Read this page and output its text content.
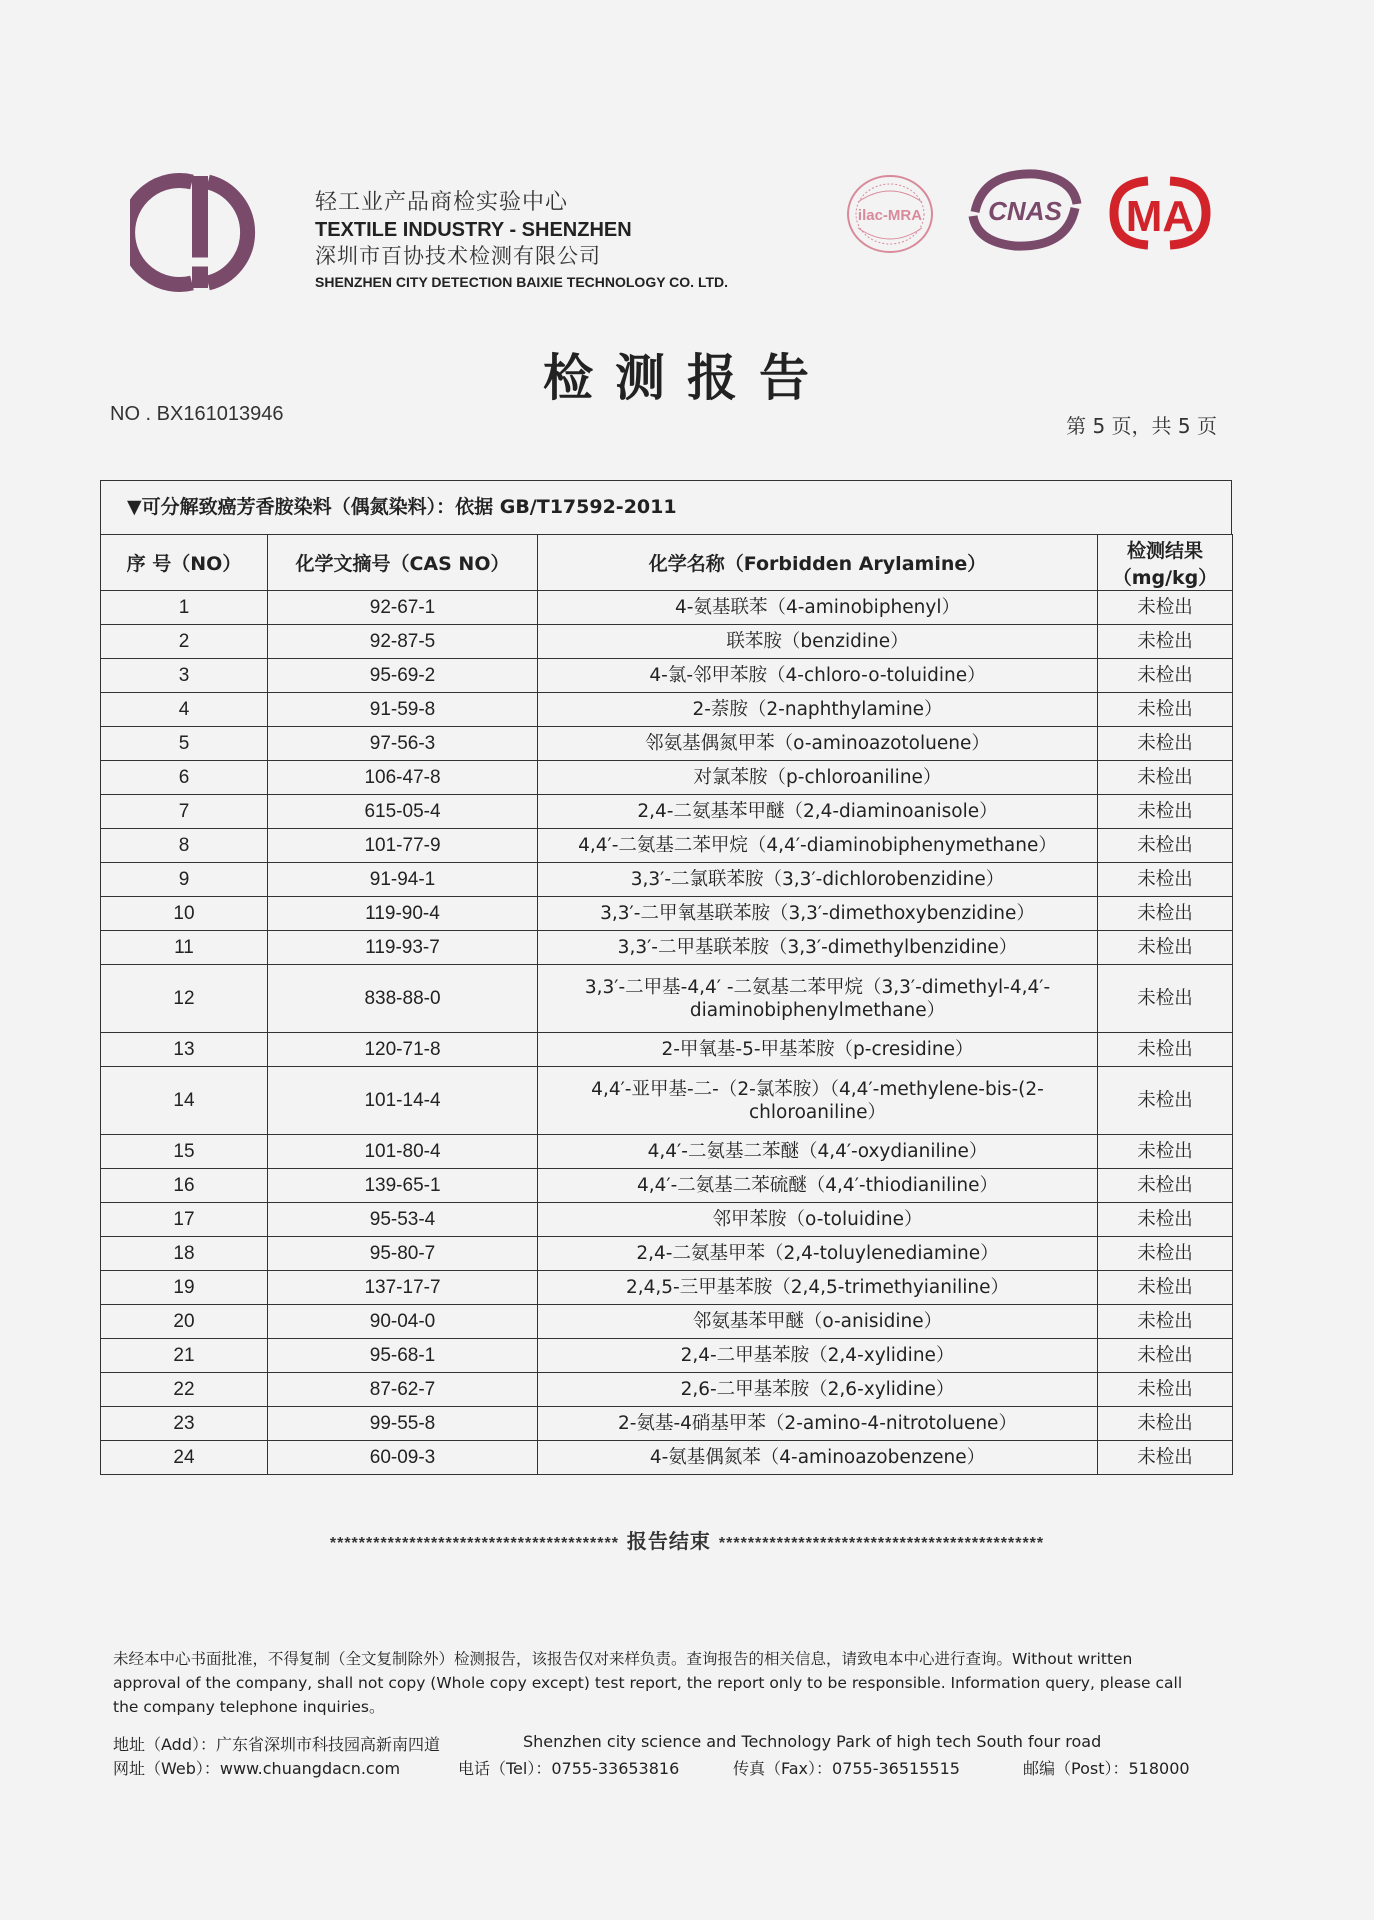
轻工业产品商检实验中心
TEXTILE INDUSTRY - SHENZHEN
深圳市百协技术检测有限公司
SHENZHEN CITY DETECTION BAIXIE TECHNOLOGY CO. LTD.
ilac-MRA	CNAS MA
检测报告
NO . BX161013946	第 5 页，共 5 页
▼可分解致癌芳香胺染料（偶氮染料）：依据 GB/T17592-2011
序 号（NO）	化学文摘号（CAS NO）	化学名称（Forbidden Arylamine）	检测结果
（mg/kg）

1	92-67-1	4-氨基联苯（4-aminobiphenyl）	未检出
2	92-87-5	联苯胺（benzidine）	未检出
3	95-69-2	4-氯-邻甲苯胺（4-chloro-o-toluidine）	未检出
4	91-59-8	2-萘胺（2-naphthylamine）	未检出
5	97-56-3	邻氨基偶氮甲苯（o-aminoazotoluene）	未检出
6	106-47-8	对氯苯胺（p-chloroaniline）	未检出
7	615-05-4	2,4-二氨基苯甲醚（2,4-diaminoanisole）	未检出
8	101-77-9	4,4′-二氨基二苯甲烷（4,4′-diaminobiphenymethane）	未检出
9	91-94-1	3,3′-二氯联苯胺（3,3′-dichlorobenzidine）	未检出
10	119-90-4	3,3′-二甲氧基联苯胺（3,3′-dimethoxybenzidine）	未检出
11	119-93-7	3,3′-二甲基联苯胺（3,3′-dimethylbenzidine）	未检出
12	838-88-0	3,3′-二甲基-4,4′ -二氨基二苯甲烷（3,3′-dimethyl-4,4′-diaminobiphenylmethane）	未检出
13	120-71-8	2-甲氧基-5-甲基苯胺（p-cresidine）	未检出
14	101-14-4	4,4′-亚甲基-二-（2-氯苯胺）（4,4′-methylene-bis-(2-chloroaniline）	未检出
15	101-80-4	4,4′-二氨基二苯醚（4,4′-oxydianiline）	未检出
16	139-65-1	4,4′-二氨基二苯硫醚（4,4′-thiodianiline）	未检出
17	95-53-4	邻甲苯胺（o-toluidine）	未检出
18	95-80-7	2,4-二氨基甲苯（2,4-toluylenediamine）	未检出
19	137-17-7	2,4,5-三甲基苯胺（2,4,5-trimethyianiline）	未检出
20	90-04-0	邻氨基苯甲醚（o-anisidine）	未检出
21	95-68-1	2,4-二甲基苯胺（2,4-xylidine）	未检出
22	87-62-7	2,6-二甲基苯胺（2,6-xylidine）	未检出
23	99-55-8	2-氨基-4硝基甲苯（2-amino-4-nitrotoluene）	未检出
24	60-09-3	4-氨基偶氮苯（4-aminoazobenzene）	未检出
**************************************** 报告结束 *********************************************
未经本中心书面批准，不得复制（全文复制除外）检测报告，该报告仅对来样负责。查询报告的相关信息，请致电本中心进行查询。Without written approval of the company, shall not copy (Whole copy except) test report, the report only to be responsible. Information query, please call the company telephone inquiries。
地址（Add）：广东省深圳市科技园高新南四道	Shenzhen city science and Technology Park of high tech South four road
网址（Web）：www.chuangdacn.com	电话（Tel）：0755-33653816	传真（Fax）：0755-36515515	邮编（Post）：518000
